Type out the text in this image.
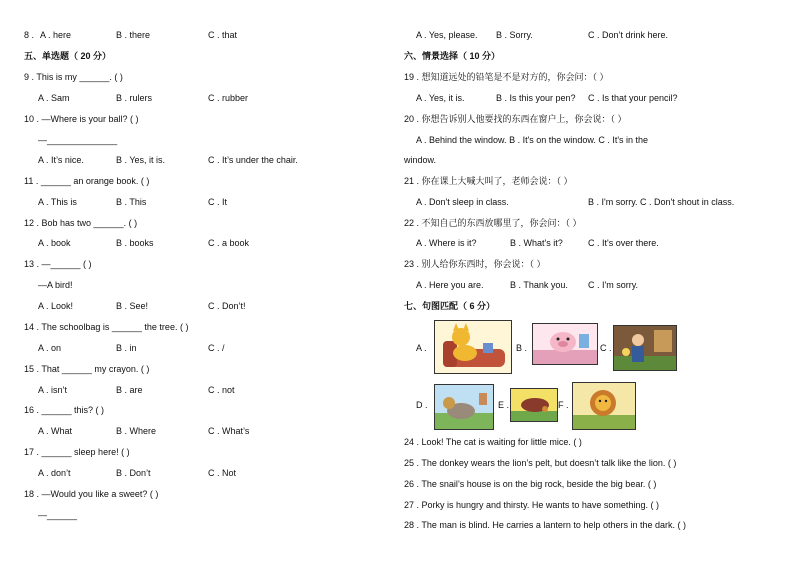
8 . A . here	B . there	C . that
五、单选题（ 20 分）
9 . This is my ______. ( )
A . Sam	B . rulers	C . rubber
10 . —Where is your ball? ( )
—______________
A . It’s nice.	B . Yes, it is.	C . It’s under the chair.
11 . ______ an orange book. ( )
A . This is	B . This	C . It
12 . Bob has two ______. ( )
A . book	B . books	C . a book
13 . —______ ( )
—A bird!
A . Look!	B . See!	C . Don’t!
14 . The schoolbag is ______ the tree. ( )
A . on	B . in	C . /
15 . That ______ my crayon. ( )
A . isn’t	B . are	C . not
16 . ______ this? ( )
A . What	B . Where	C . What’s
17 . ______ sleep here! ( )
A . don’t	B . Don’t	C . Not
18 . —Would you like a sweet? ( )
—______
A . Yes, please. B . Sorry.	C . Don’t drink here.
六、情景选择（ 10 分）
19 . 想知道远处的铅笔是不是对方的，你会问：（ ）
A . Yes, it is.	B . Is this your pen? C . Is that your pencil?
20 . 你想告诉别人他要找的东西在窗户上，你会说：（ ）
A . Behind the window. B . It's on the window. C . It's in the
window.
21 . 你在课上大喊大叫了，老师会说：（ ）
A . Don't sleep in class.	B . I'm sorry. C . Don't shout in class.
22 . 不知自己的东西放哪里了，你会问：（ ）
A . Where is it?	B . What's it?	C . It's over there.
23 . 别人给你东西时，你会说：（ ）
A . Here you are.	B . Thank you. C . I'm sorry.
七、句图匹配（ 6 分）
A .	B .	C .
D .	E .	F .
24 . Look! The cat is waiting for little mice. ( )
25 . The donkey wears the lion’s pelt, but doesn’t talk like the lion. ( )
26 . The snail’s house is on the big rock, beside the big bear. ( )
27 . Porky is hungry and thirsty. He wants to have something. ( )
28 . The man is blind. He carries a lantern to help others in the dark. ( )
